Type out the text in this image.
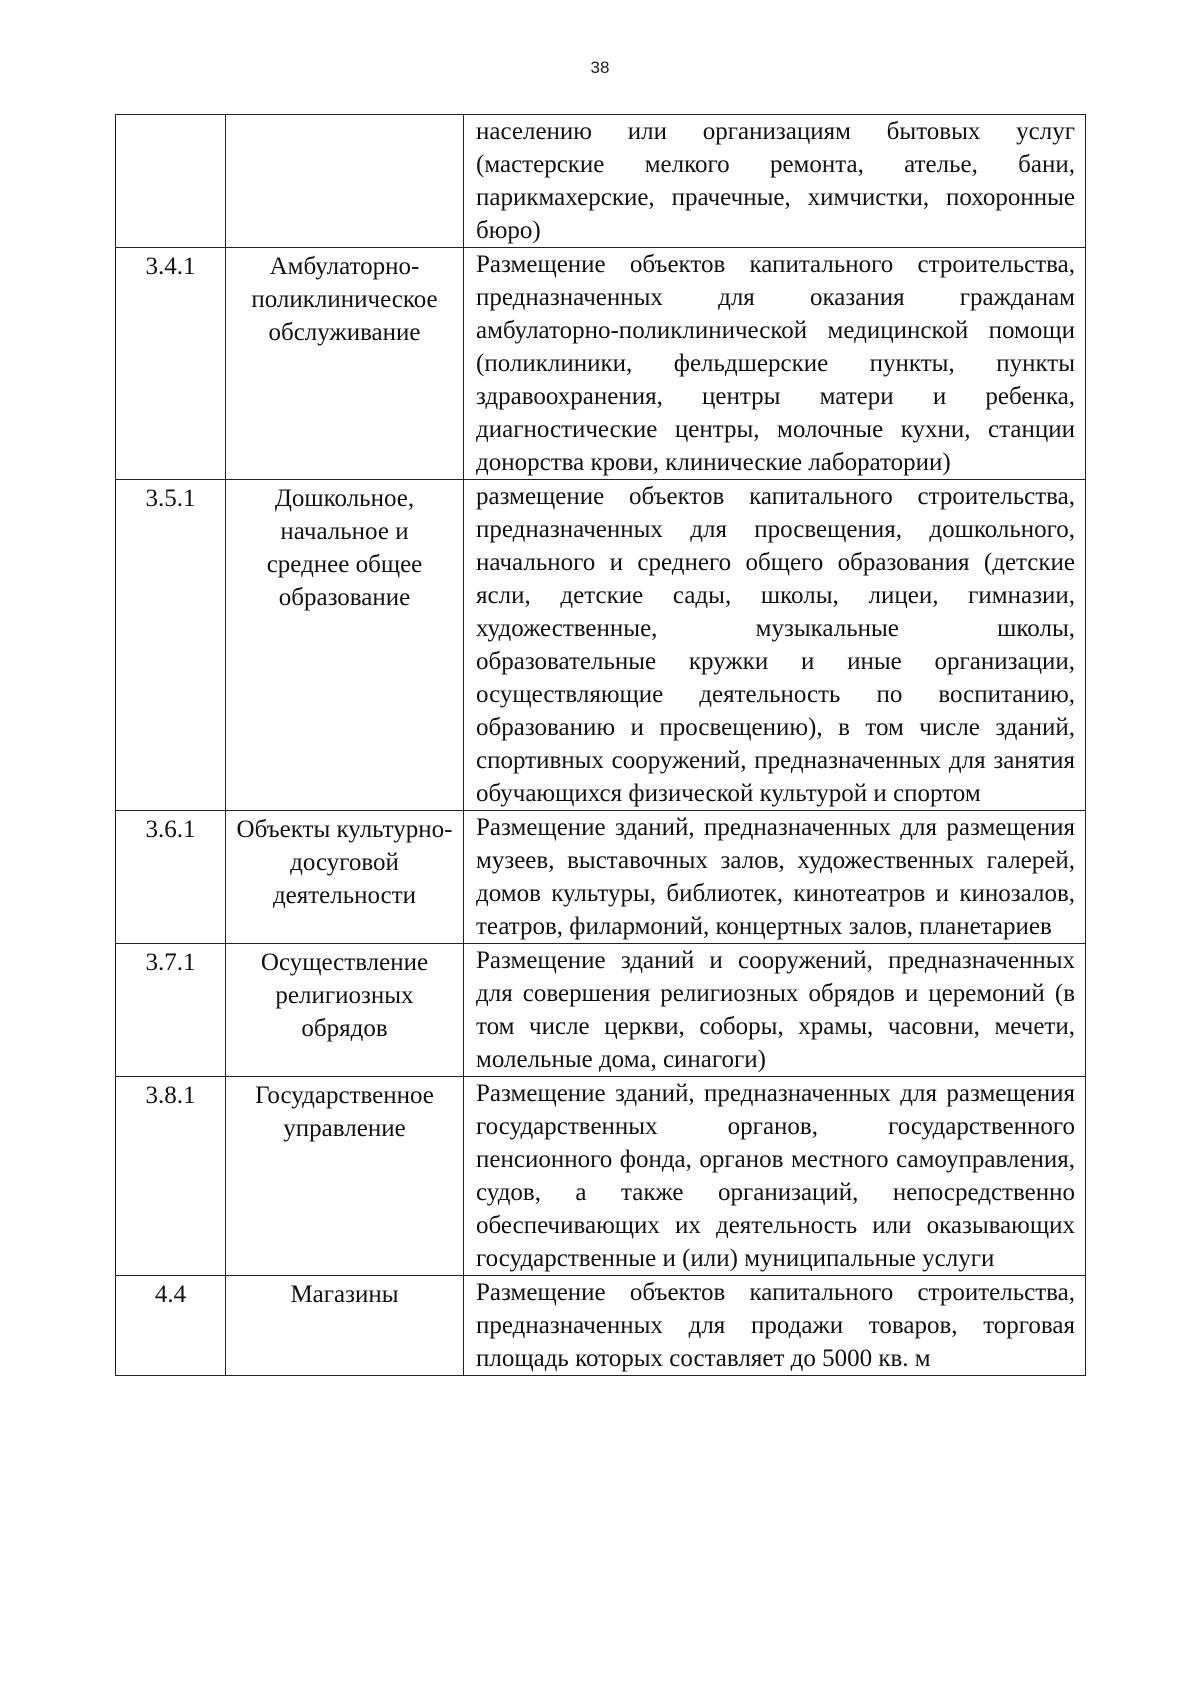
38
		населению или организациям бытовых услуг (мастерские мелкого ремонта, ателье, бани, парикмахерские, прачечные, химчистки, похоронные бюро)
3.4.1	Амбулаторно-поликлиническое обслуживание	Размещение объектов капитального строительства, предназначенных для оказания гражданам амбулаторно-поликлинической медицинской помощи (поликлиники, фельдшерские пункты, пункты здравоохранения, центры матери и ребенка, диагностические центры, молочные кухни, станции донорства крови, клинические лаборатории)
3.5.1	Дошкольное, начальное и среднее общее образование	размещение объектов капитального строительства, предназначенных для просвещения, дошкольного, начального и среднего общего образования (детские ясли, детские сады, школы, лицеи, гимназии, художественные, музыкальные школы, образовательные кружки и иные организации, осуществляющие деятельность по воспитанию, образованию и просвещению), в том числе зданий, спортивных сооружений, предназначенных для занятия обучающихся физической культурой и спортом
3.6.1	Объекты культурно-досуговой деятельности	Размещение зданий, предназначенных для размещения музеев, выставочных залов, художественных галерей, домов культуры, библиотек, кинотеатров и кинозалов, театров, филармоний, концертных залов, планетариев
3.7.1	Осуществление религиозных обрядов	Размещение зданий и сооружений, предназначенных для совершения религиозных обрядов и церемоний (в том числе церкви, соборы, храмы, часовни, мечети, молельные дома, синагоги)
3.8.1	Государственное управление	Размещение зданий, предназначенных для размещения государственных органов, государственного пенсионного фонда, органов местного самоуправления, судов, а также организаций, непосредственно обеспечивающих их деятельность или оказывающих государственные и (или) муниципальные услуги
4.4	Магазины	Размещение объектов капитального строительства, предназначенных для продажи товаров, торговая площадь которых составляет до 5000 кв. м
